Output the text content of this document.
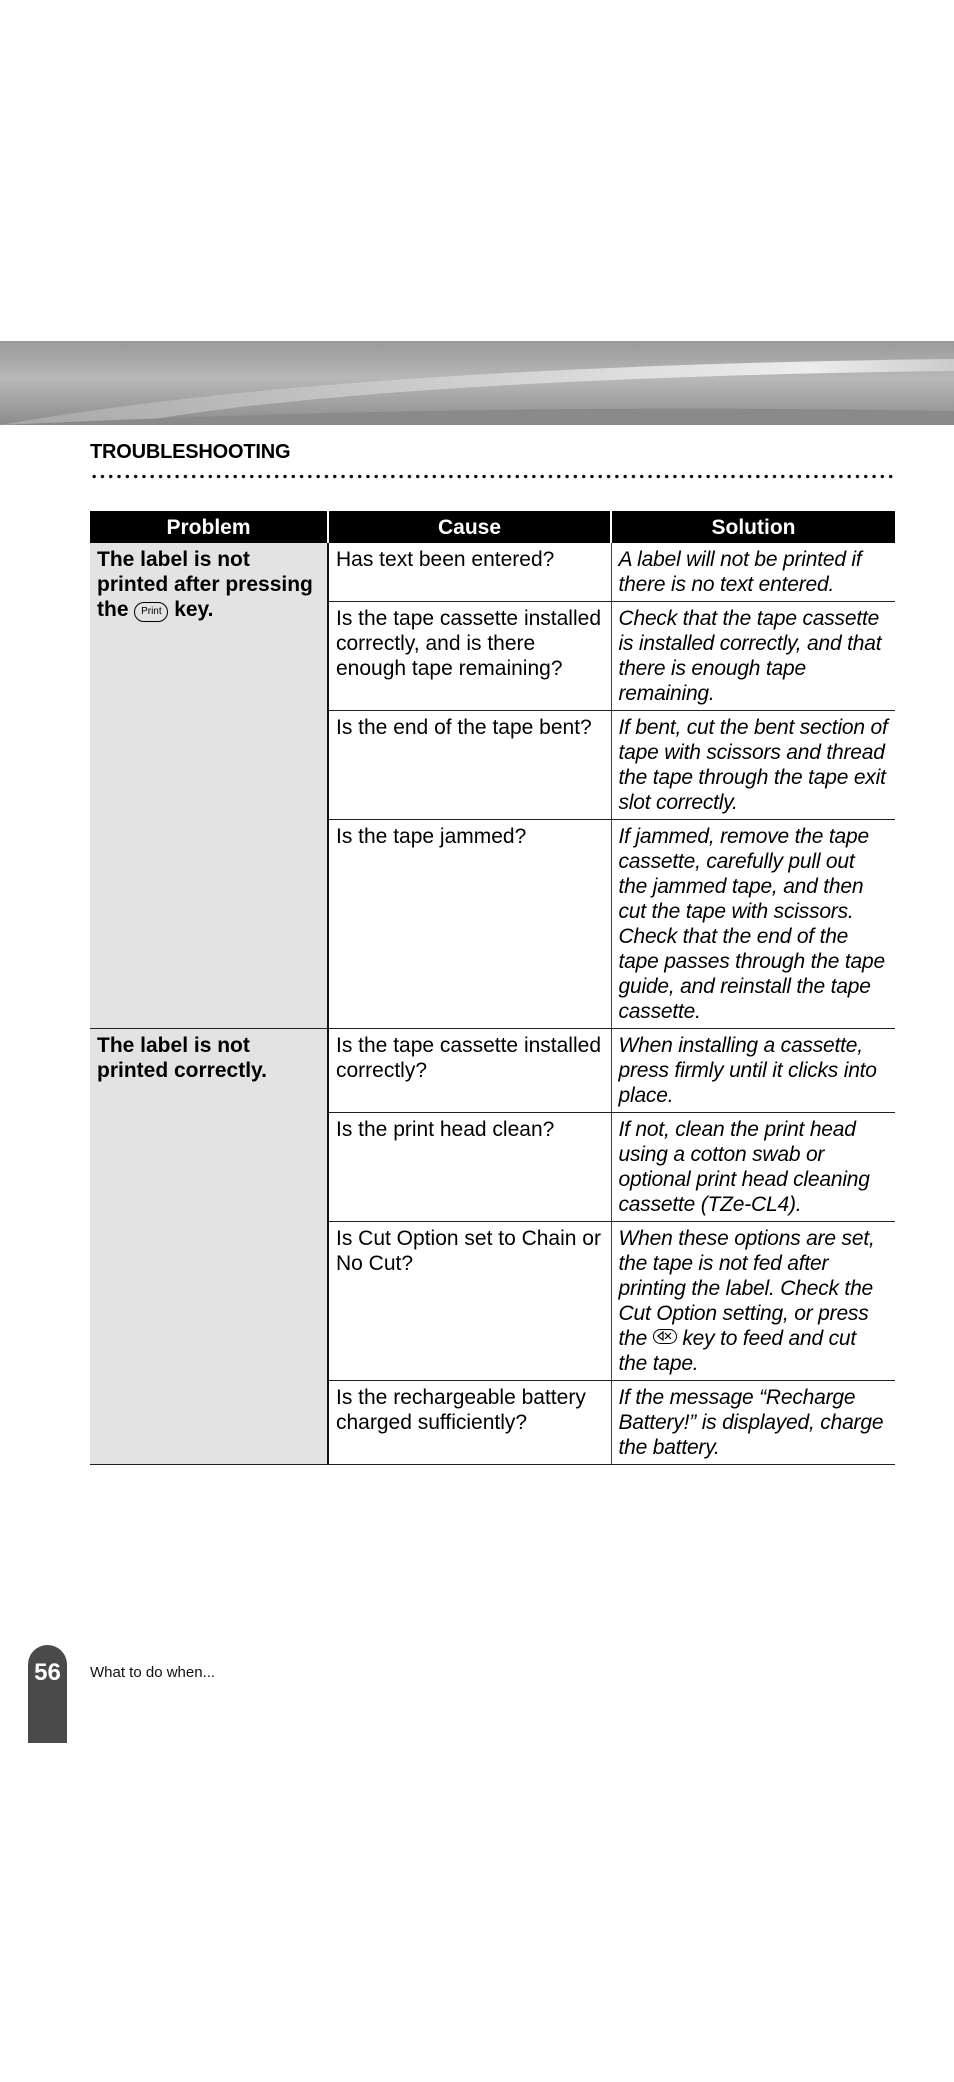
TROUBLESHOOTING
Problem	Cause	Solution
The label is not printed after pressing the Print key.	Has text been entered?	A label will not be printed if there is no text entered.
	Is the tape cassette installed correctly, and is there enough tape remaining?	Check that the tape cassette is installed correctly, and that there is enough tape remaining.
	Is the end of the tape bent?	If bent, cut the bent section of tape with scissors and thread the tape through the tape exit slot correctly.
	Is the tape jammed?	If jammed, remove the tape cassette, carefully pull out the jammed tape, and then cut the tape with scissors. Check that the end of the tape passes through the tape guide, and reinstall the tape cassette.
The label is not printed correctly.	Is the tape cassette installed correctly?	When installing a cassette, press firmly until it clicks into place.
	Is the print head clean?	If not, clean the print head using a cotton swab or optional print head cleaning cassette (TZe-CL4).
	Is Cut Option set to Chain or No Cut?	When these options are set, the tape is not fed after printing the label. Check the Cut Option setting, or press the key to feed and cut the tape.
	Is the rechargeable battery charged sufficiently?	If the message “Recharge Battery!” is displayed, charge the battery.
56	What to do when...
